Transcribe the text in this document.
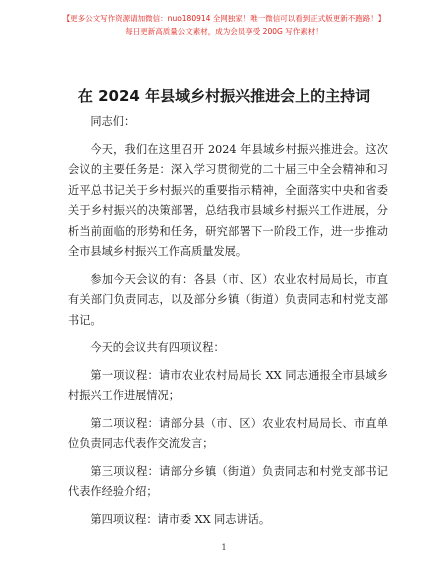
【更多公文写作资源请加微信：nuo180914 全网独家！唯一微信可以看到正式版更新不跑路！】
每日更新高质量公文素材，成为会员享受 200G 写作素材！
在 2024 年县域乡村振兴推进会上的主持词

同志们：

今天，我们在这里召开 2024 年县域乡村振兴推进会。这次会议的主要任务是：深入学习贯彻党的二十届三中全会精神和习近平总书记关于乡村振兴的重要指示精神，全面落实中央和省委关于乡村振兴的决策部署，总结我市县域乡村振兴工作进展，分析当前面临的形势和任务，研究部署下一阶段工作，进一步推动全市县域乡村振兴工作高质量发展。

参加今天会议的有：各县（市、区）农业农村局局长，市直有关部门负责同志，以及部分乡镇（街道）负责同志和村党支部书记。

今天的会议共有四项议程：

第一项议程：请市农业农村局局长 XX 同志通报全市县域乡村振兴工作进展情况；

第二项议程：请部分县（市、区）农业农村局局长、市直单位负责同志代表作交流发言；

第三项议程：请部分乡镇（街道）负责同志和村党支部书记代表作经验介绍；

第四项议程：请市委 XX 同志讲话。

1
